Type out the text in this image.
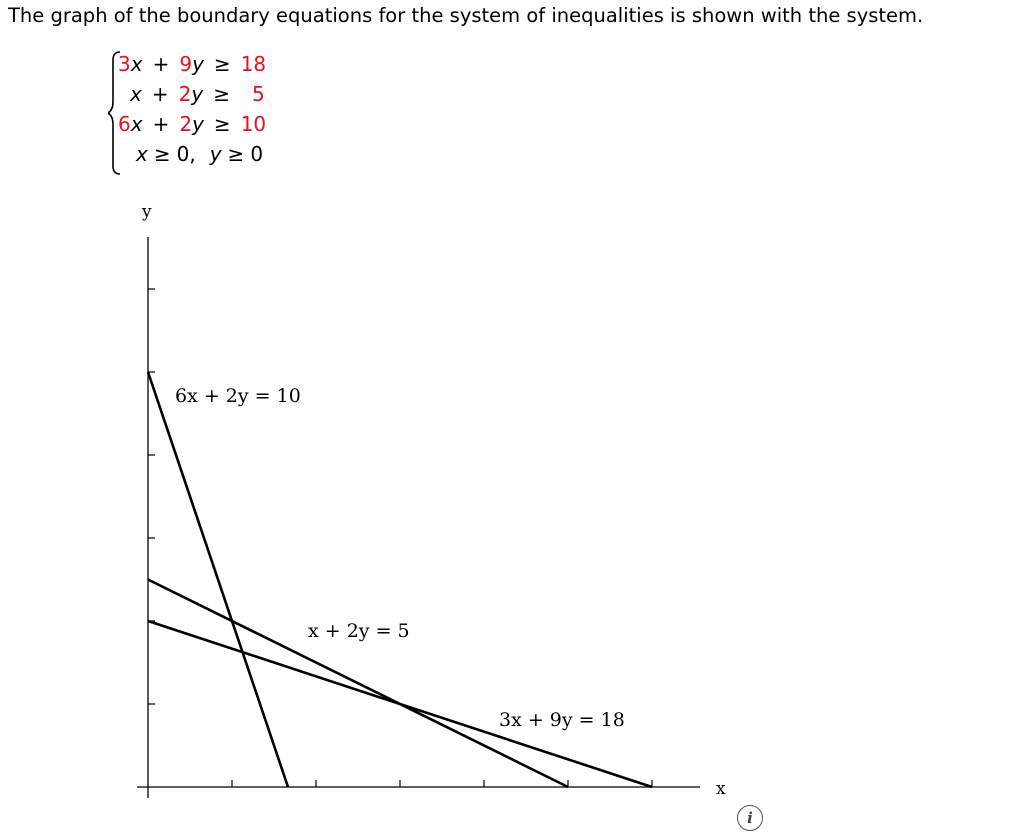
The graph of the boundary equations for the system of inequalities is shown with the system.
3 x + 9 y ≥ 18
x + 2 y ≥ 5
6 x + 2 y ≥ 10
x ≥ 0, y ≥ 0
x
y
6x + 2y = 10
x + 2y = 5
3x + 9y = 18
i
